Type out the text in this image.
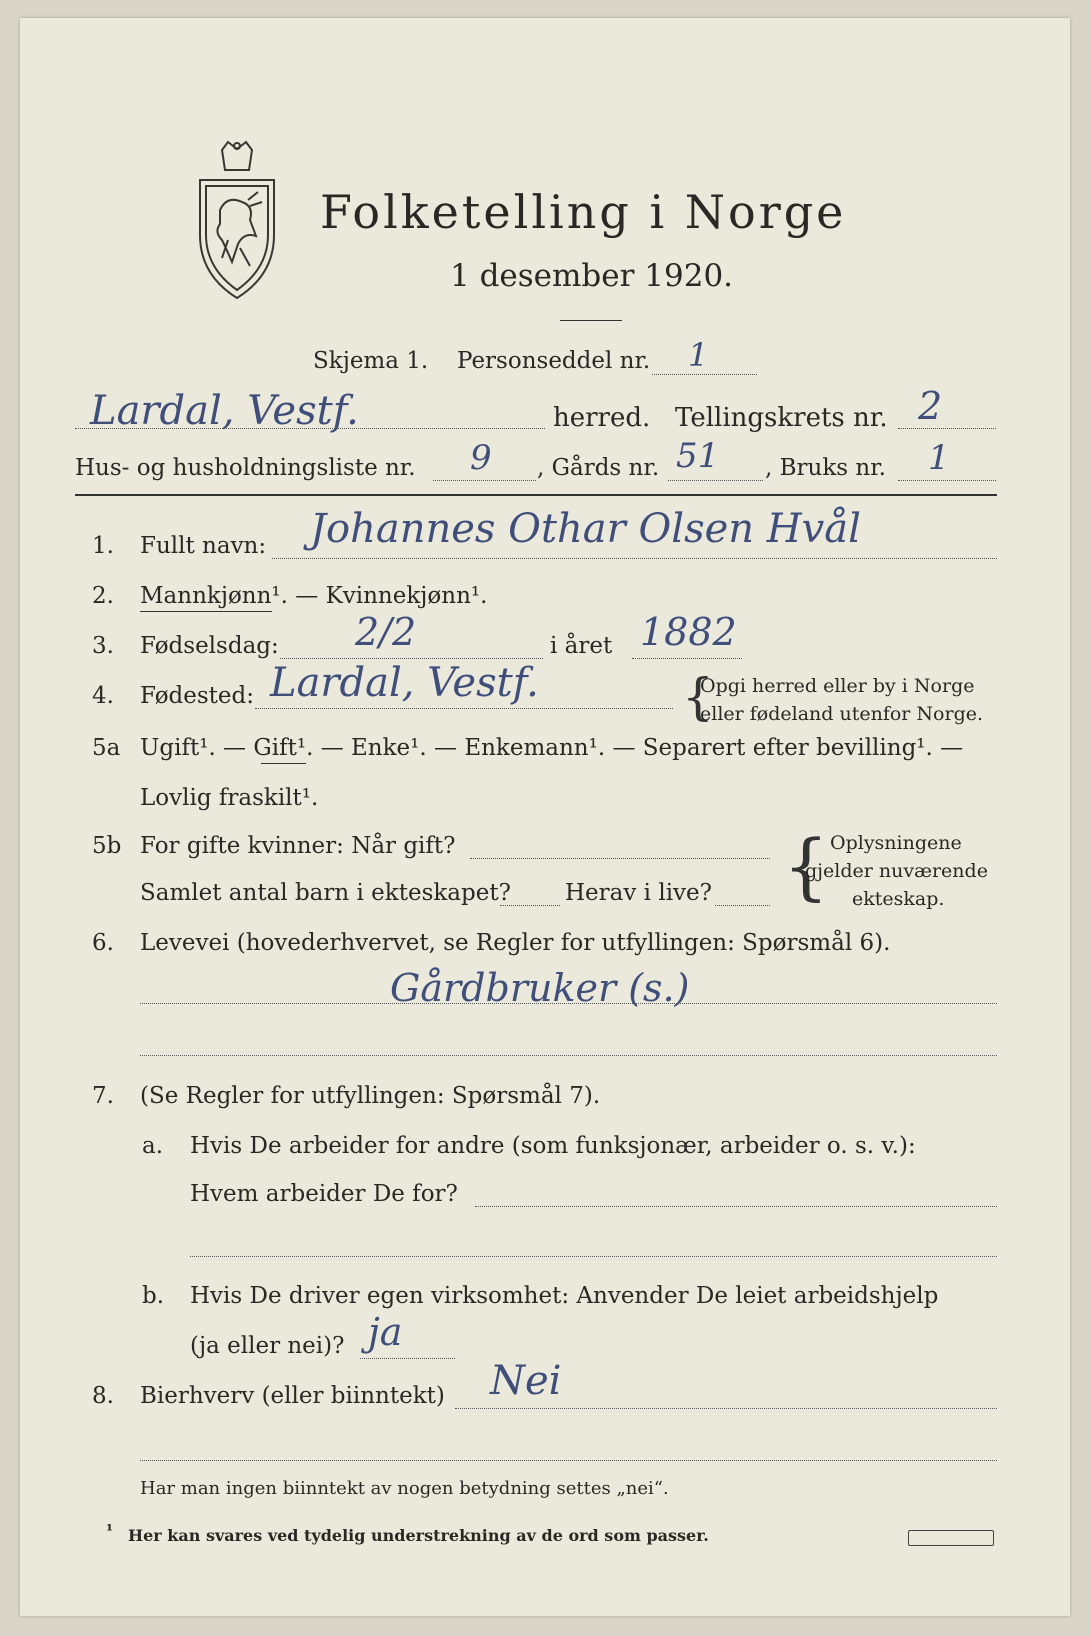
Folketelling i Norge
1 desember 1920.
Skjema 1. Personseddel nr. 1
Lardal, Vestf.	herred. Tellingskrets nr. 2
Hus- og husholdningsliste nr. 9 , Gårds nr. 51 , Bruks nr. 1
1. Fullt navn: Johannes Othar Olsen Hvål
2. Mannkjønn¹. — Kvinnekjønn¹.
3. Fødselsdag: 2/2	i året 1882
4. Fødested: Lardal, Vestf.	{
Opgi herred eller by i Norge
eller fødeland utenfor Norge.
5a Ugift¹. — Gift¹. — Enke¹. — Enkemann¹. — Separert efter bevilling¹. —
Lovlig fraskilt¹.
5b For gifte kvinner: Når gift?
Samlet antal barn i ekteskapet? Herav i live? { Oplysningene
gjelder nuværende
ekteskap.
6. Levevei (hovederhvervet, se Regler for utfyllingen: Spørsmål 6).
Gårdbruker (s.)
7. (Se Regler for utfyllingen: Spørsmål 7).
a. Hvis De arbeider for andre (som funksjonær, arbeider o. s. v.):
Hvem arbeider De for?
b. Hvis De driver egen virksomhet: Anvender De leiet arbeidshjelp
(ja eller nei)? ja
8. Bierhverv (eller biinntekt) Nei
Har man ingen biinntekt av nogen betydning settes „nei“.
¹ Her kan svares ved tydelig understrekning av de ord som passer.
